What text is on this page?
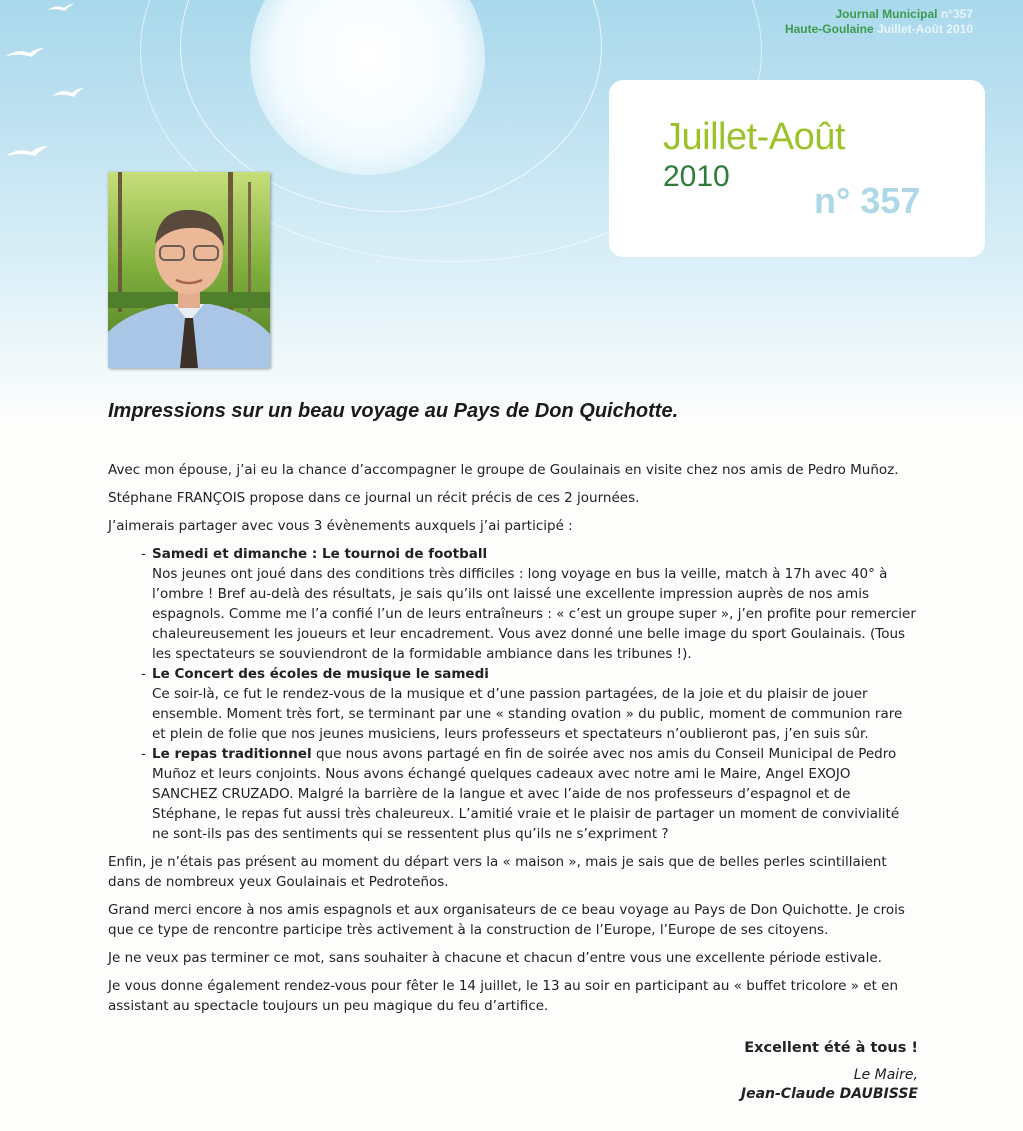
Journal Municipal n°357
Haute-Goulaine Juillet-Août 2010
Juillet-Août
2010
n° 357
Impressions sur un beau voyage au Pays de Don Quichotte.

Avec mon épouse, j’ai eu la chance d’accompagner le groupe de Goulainais en visite chez nos amis de Pedro Muñoz.

Stéphane FRANÇOIS propose dans ce journal un récit précis de ces 2 journées.

J’aimerais partager avec vous 3 évènements auxquels j’ai participé :

- Samedi et dimanche : Le tournoi de football
Nos jeunes ont joué dans des conditions très difficiles : long voyage en bus la veille, match à 17h avec 40° à l’ombre ! Bref au-delà des résultats, je sais qu’ils ont laissé une excellente impression auprès de nos amis espagnols. Comme me l’a confié l’un de leurs entraîneurs : « c’est un groupe super », j’en profite pour remercier chaleureusement les joueurs et leur encadrement. Vous avez donné une belle image du sport Goulainais. (Tous les spectateurs se souviendront de la formidable ambiance dans les tribunes !).
- Le Concert des écoles de musique le samedi
Ce soir-là, ce fut le rendez-vous de la musique et d’une passion partagées, de la joie et du plaisir de jouer ensemble. Moment très fort, se terminant par une « standing ovation » du public, moment de communion rare et plein de folie que nos jeunes musiciens, leurs professeurs et spectateurs n’oublieront pas, j’en suis sûr.
- Le repas traditionnel que nous avons partagé en fin de soirée avec nos amis du Conseil Municipal de Pedro Muñoz et leurs conjoints. Nous avons échangé quelques cadeaux avec notre ami le Maire, Angel EXOJO SANCHEZ CRUZADO. Malgré la barrière de la langue et avec l’aide de nos professeurs d’espagnol et de Stéphane, le repas fut aussi très chaleureux. L’amitié vraie et le plaisir de partager un moment de convivialité ne sont-ils pas des sentiments qui se ressentent plus qu’ils ne s’expriment ?

Enfin, je n’étais pas présent au moment du départ vers la « maison », mais je sais que de belles perles scintillaient dans de nombreux yeux Goulainais et Pedroteños.

Grand merci encore à nos amis espagnols et aux organisateurs de ce beau voyage au Pays de Don Quichotte. Je crois que ce type de rencontre participe très activement à la construction de l’Europe, l’Europe de ses citoyens.

Je ne veux pas terminer ce mot, sans souhaiter à chacune et chacun d’entre vous une excellente période estivale.

Je vous donne également rendez-vous pour fêter le 14 juillet, le 13 au soir en participant au « buffet tricolore » et en assistant au spectacle toujours un peu magique du feu d’artifice.

Excellent été à tous !
Le Maire,
Jean-Claude DAUBISSE
